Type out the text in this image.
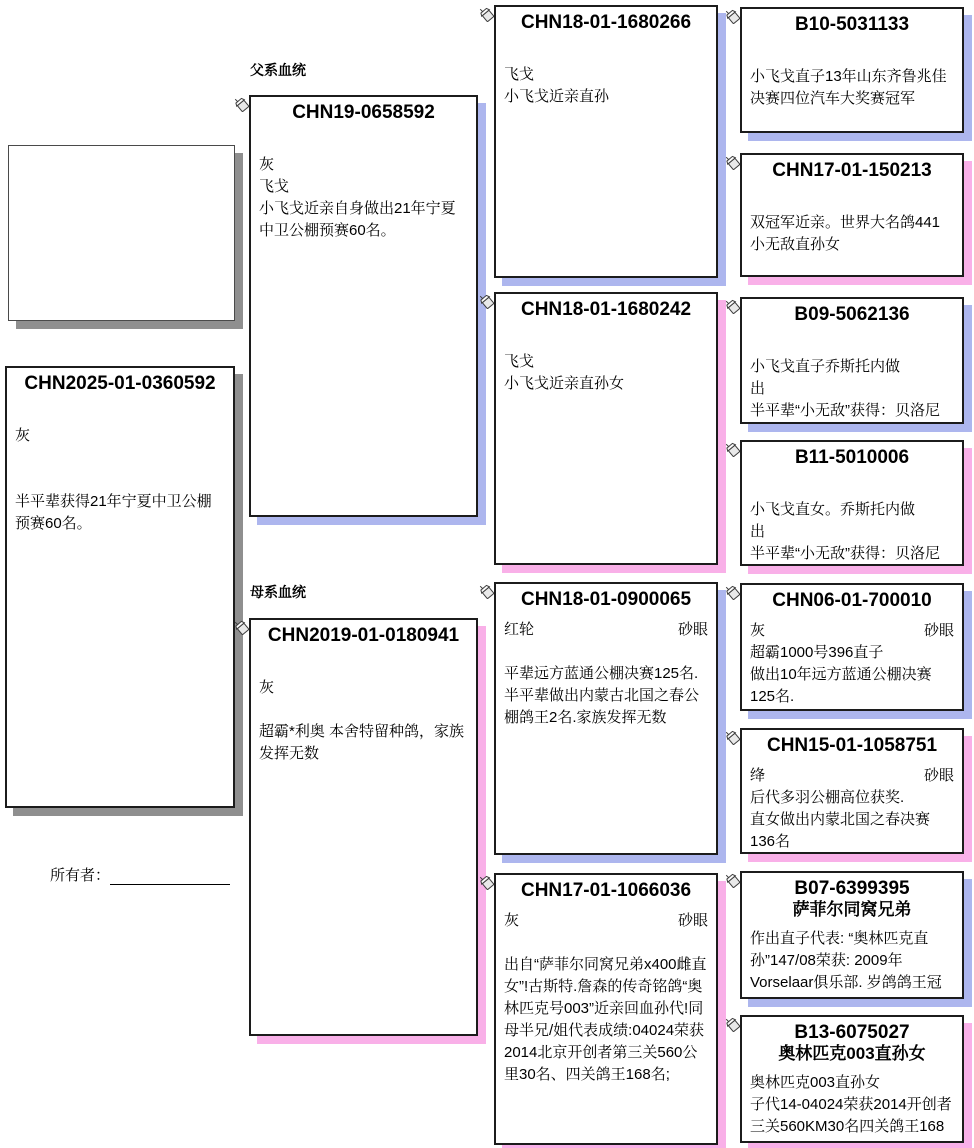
父系血统
母系血统
CHN2025-01-0360592

灰

半平辈获得21年宁夏中卫公棚预赛60名。
CHN19-0658592

灰
飞戈
小飞戈近亲自身做出21年宁夏中卫公棚预赛60名。
CHN2019-01-0180941

灰

超霸*利奥 本舍特留种鸽，家族发挥无数
CHN18-01-1680266

飞戈
小飞戈近亲直孙
CHN18-01-1680242

飞戈
小飞戈近亲直孙女
CHN18-01-0900065
红轮	砂眼

平辈远方蓝通公棚决赛125名.
半平辈做出内蒙古北国之春公棚鸽王2名.家族发挥无数
CHN17-01-1066036
灰	砂眼

出自“萨菲尔同窝兄弟x400雌直女”!古斯特.詹森的传奇铭鸽“奥林匹克号003”近亲回血孙代!同母半兄/姐代表成绩:04024荣获2014北京开创者第三关560公里30名、四关鸽王168名;
B10-5031133

小飞戈直子13年山东齐鲁兆佳决赛四位汽车大奖赛冠军
CHN17-01-150213

双冠军近亲。世界大名鸽441小无敌直孙女
B09-5062136

小飞戈直子乔斯托内做
出
半平辈“小无敌”获得：贝洛尼
B11-5010006

小飞戈直女。乔斯托内做
出
半平辈“小无敌”获得：贝洛尼
CHN06-01-700010
灰	砂眼
超霸1000号396直子
做出10年远方蓝通公棚决赛
125名.
CHN15-01-1058751
绛	砂眼
后代多羽公棚高位获奖.
直女做出内蒙北国之春决赛136名
B07-6399395
萨菲尔同窝兄弟
作出直子代表: “奥林匹克直孙”147/08荣获: 2009年Vorselaar俱乐部. 岁鸽鸽王冠
B13-6075027
奥林匹克003直孙女
奥林匹克003直孙女
子代14-04024荣获2014开创者
三关560KM30名四关鸽王168
所有者：
